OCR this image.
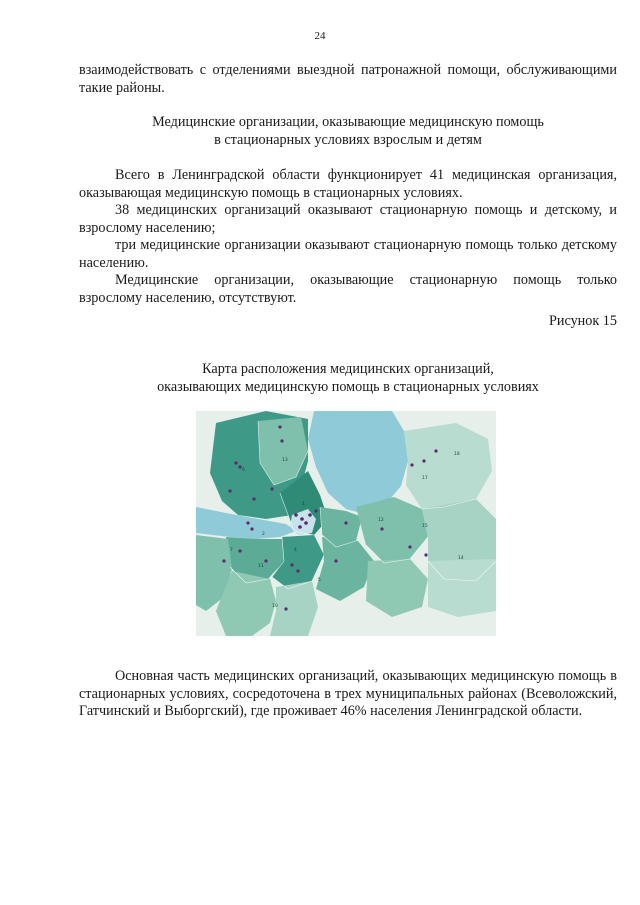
24

взаимодействовать с отделениями выездной патронажной помощи, обслуживающими такие районы.

Медицинские организации, оказывающие медицинскую помощь
в стационарных условиях взрослым и детям

Всего в Ленинградской области функционирует 41 медицинская организация, оказывающая медицинскую помощь в стационарных условиях.

38 медицинских организаций оказывают стационарную помощь и детскому, и взрослому населению;

три медицинские организации оказывают стационарную помощь только детскому населению.

Медицинские организации, оказывающие стационарную помощь только взрослому населению, отсутствуют.

Рисунок 15
Карта расположения медицинских организаций,
оказывающих медицинскую помощь в стационарных условиях
13
6
2
4
11
7
10
5
12
15
17
18
14
1

Основная часть медицинских организаций, оказывающих медицинскую помощь в стационарных условиях, сосредоточена в трех муниципальных районах (Всеволожский, Гатчинский и Выборгский), где проживает 46% населения Ленинградской области.
